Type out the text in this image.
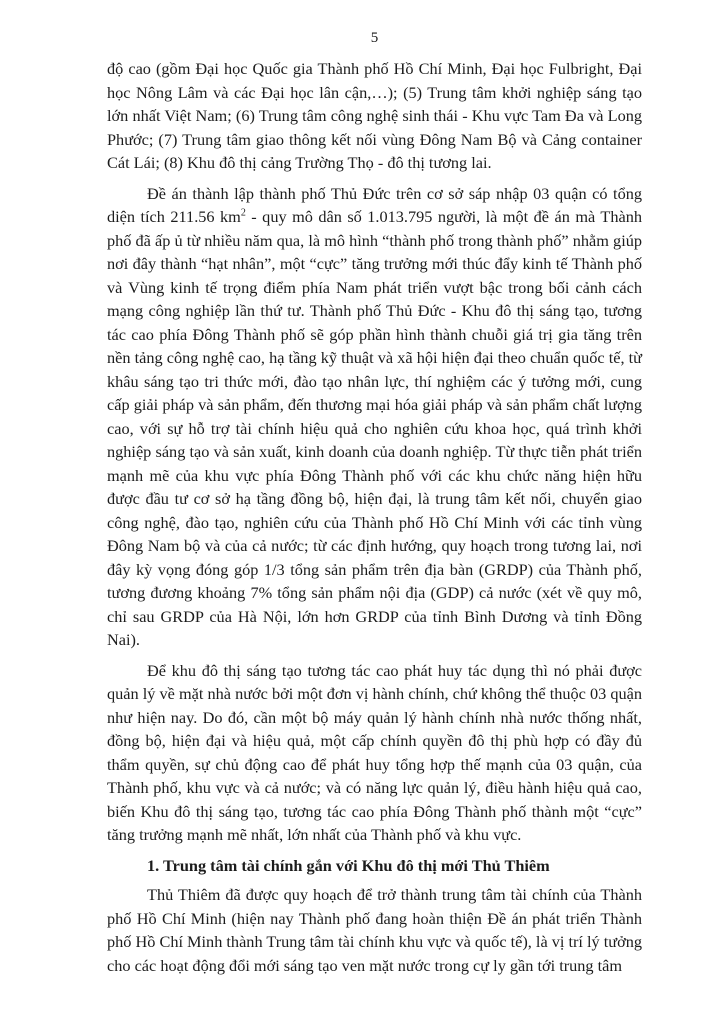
5

độ cao (gồm Đại học Quốc gia Thành phố Hồ Chí Minh, Đại học Fulbright, Đại học Nông Lâm và các Đại học lân cận,…); (5) Trung tâm khởi nghiệp sáng tạo lớn nhất Việt Nam; (6) Trung tâm công nghệ sinh thái - Khu vực Tam Đa và Long Phước; (7) Trung tâm giao thông kết nối vùng Đông Nam Bộ và Cảng container Cát Lái; (8) Khu đô thị cảng Trường Thọ - đô thị tương lai.

Đề án thành lập thành phố Thủ Đức trên cơ sở sáp nhập 03 quận có tổng diện tích 211.56 $km^2$ - quy mô dân số 1.013.795 người, là một đề án mà Thành phố đã ấp ủ từ nhiều năm qua, là mô hình “thành phố trong thành phố” nhằm giúp nơi đây thành “hạt nhân”, một “cực” tăng trưởng mới thúc đẩy kinh tế Thành phố và Vùng kinh tế trọng điểm phía Nam phát triển vượt bậc trong bối cảnh cách mạng công nghiệp lần thứ tư. Thành phố Thủ Đức - Khu đô thị sáng tạo, tương tác cao phía Đông Thành phố sẽ góp phần hình thành chuỗi giá trị gia tăng trên nền tảng công nghệ cao, hạ tầng kỹ thuật và xã hội hiện đại theo chuẩn quốc tế, từ khâu sáng tạo tri thức mới, đào tạo nhân lực, thí nghiệm các ý tưởng mới, cung cấp giải pháp và sản phẩm, đến thương mại hóa giải pháp và sản phẩm chất lượng cao, với sự hỗ trợ tài chính hiệu quả cho nghiên cứu khoa học, quá trình khởi nghiệp sáng tạo và sản xuất, kinh doanh của doanh nghiệp. Từ thực tiễn phát triển mạnh mẽ của khu vực phía Đông Thành phố với các khu chức năng hiện hữu được đầu tư cơ sở hạ tầng đồng bộ, hiện đại, là trung tâm kết nối, chuyển giao công nghệ, đào tạo, nghiên cứu của Thành phố Hồ Chí Minh với các tỉnh vùng Đông Nam bộ và của cả nước; từ các định hướng, quy hoạch trong tương lai, nơi đây kỳ vọng đóng góp 1/3 tổng sản phẩm trên địa bàn (GRDP) của Thành phố, tương đương khoảng 7% tổng sản phẩm nội địa (GDP) cả nước (xét về quy mô, chỉ sau GRDP của Hà Nội, lớn hơn GRDP của tỉnh Bình Dương và tỉnh Đồng Nai).

Để khu đô thị sáng tạo tương tác cao phát huy tác dụng thì nó phải được quản lý về mặt nhà nước bởi một đơn vị hành chính, chứ không thể thuộc 03 quận như hiện nay. Do đó, cần một bộ máy quản lý hành chính nhà nước thống nhất, đồng bộ, hiện đại và hiệu quả, một cấp chính quyền đô thị phù hợp có đầy đủ thẩm quyền, sự chủ động cao để phát huy tổng hợp thế mạnh của 03 quận, của Thành phố, khu vực và cả nước; và có năng lực quản lý, điều hành hiệu quả cao, biến Khu đô thị sáng tạo, tương tác cao phía Đông Thành phố thành một “cực” tăng trưởng mạnh mẽ nhất, lớn nhất của Thành phố và khu vực.

1. Trung tâm tài chính gắn với Khu đô thị mới Thủ Thiêm

Thủ Thiêm đã được quy hoạch để trở thành trung tâm tài chính của Thành phố Hồ Chí Minh (hiện nay Thành phố đang hoàn thiện Đề án phát triển Thành phố Hồ Chí Minh thành Trung tâm tài chính khu vực và quốc tế), là vị trí lý tưởng cho các hoạt động đổi mới sáng tạo ven mặt nước trong cự ly gần tới trung tâm
